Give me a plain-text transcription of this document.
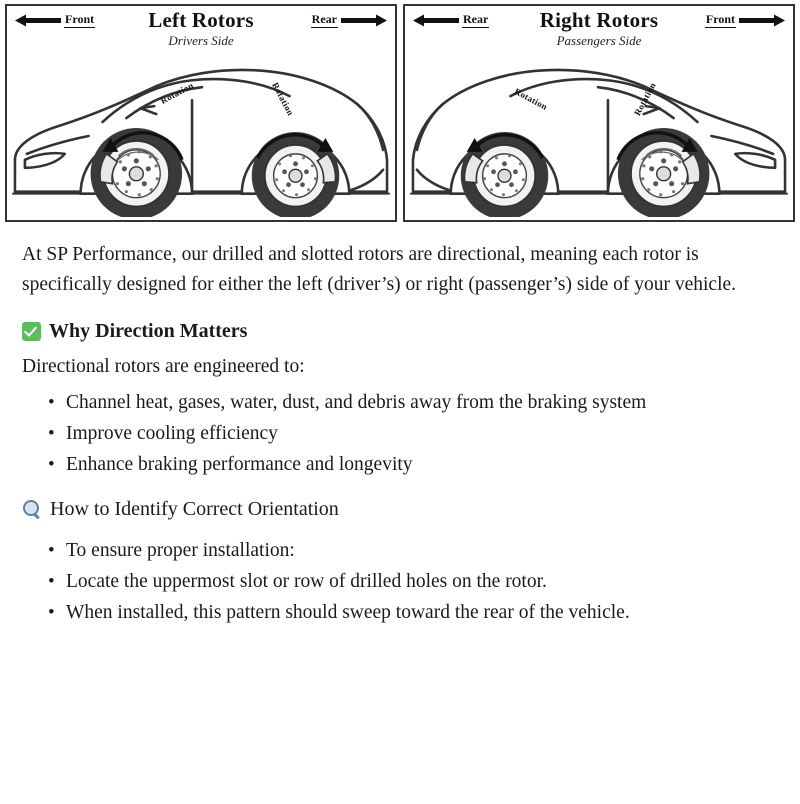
Left Rotors
Drivers Side
Front	Rear
Rotation	Rotation
Right Rotors
Passengers Side
Rear	Front
Rotation	Rotation

At SP Performance, our drilled and slotted rotors are directional, meaning each rotor is specifically designed for either the left (driver’s) or right (passenger’s) side of your vehicle.

Why Direction Matters

Directional rotors are engineered to:

• Channel heat, gases, water, dust, and debris away from the braking system
• Improve cooling efficiency
• Enhance braking performance and longevity
How to Identify Correct Orientation
• To ensure proper installation:
• Locate the uppermost slot or row of drilled holes on the rotor.
• When installed, this pattern should sweep toward the rear of the vehicle.
